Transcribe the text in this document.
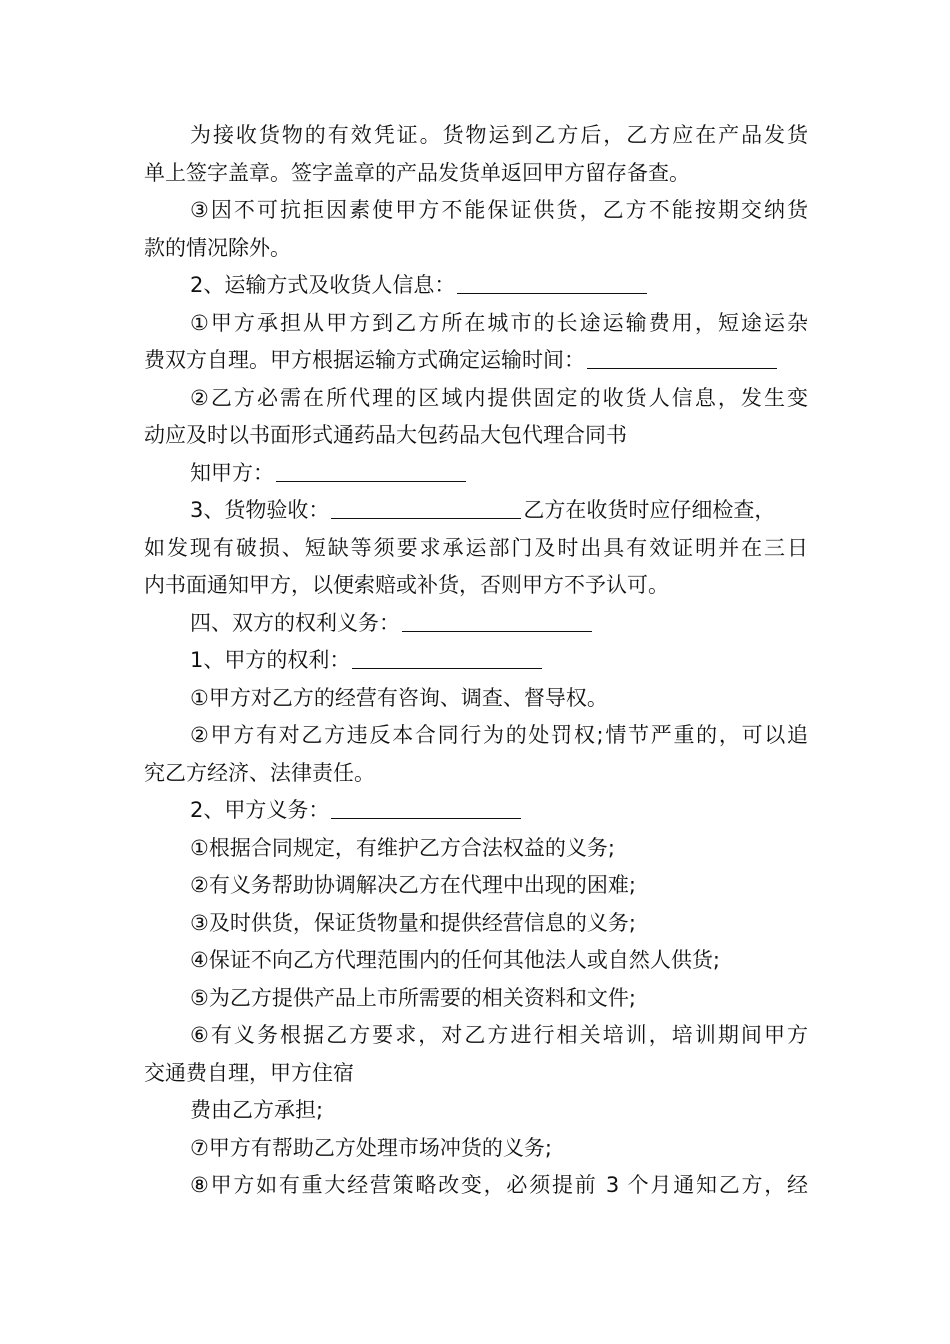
为接收货物的有效凭证。货物运到乙方后，乙方应在产品发货
单上签字盖章。签字盖章的产品发货单返回甲方留存备查。
③因不可抗拒因素使甲方不能保证供货，乙方不能按期交纳货
款的情况除外。
2、运输方式及收货人信息：
①甲方承担从甲方到乙方所在城市的长途运输费用，短途运杂
费双方自理。甲方根据运输方式确定运输时间：
②乙方必需在所代理的区域内提供固定的收货人信息，发生变
动应及时以书面形式通药品大包药品大包代理合同书
知甲方：
3、货物验收：	乙方在收货时应仔细检查，
如发现有破损、短缺等须要求承运部门及时出具有效证明并在三日
内书面通知甲方，以便索赔或补货，否则甲方不予认可。
四、双方的权利义务：
1、甲方的权利：
①甲方对乙方的经营有咨询、调查、督导权。
②甲方有对乙方违反本合同行为的处罚权;情节严重的，可以追
究乙方经济、法律责任。
2、甲方义务：
①根据合同规定，有维护乙方合法权益的义务;
②有义务帮助协调解决乙方在代理中出现的困难;
③及时供货，保证货物量和提供经营信息的义务;
④保证不向乙方代理范围内的任何其他法人或自然人供货;
⑤为乙方提供产品上市所需要的相关资料和文件;
⑥有义务根据乙方要求，对乙方进行相关培训，培训期间甲方
交通费自理，甲方住宿
费由乙方承担;
⑦甲方有帮助乙方处理市场冲货的义务;
⑧甲方如有重大经营策略改变，必须提前 3 个月通知乙方，经
